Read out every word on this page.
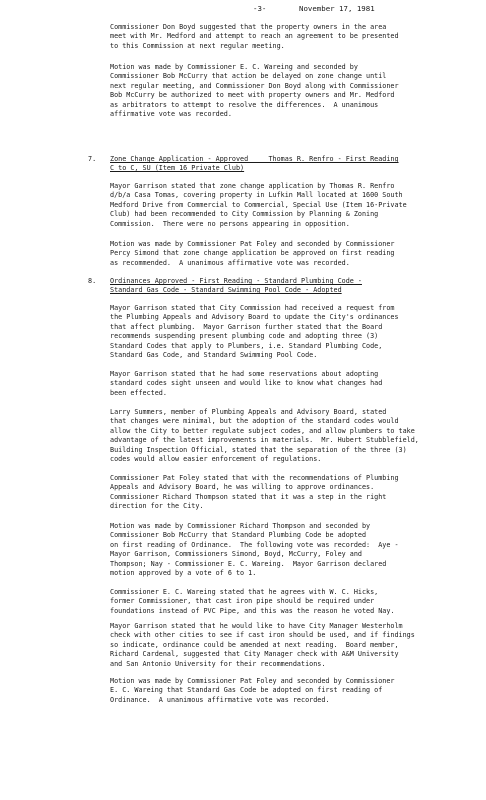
-3-	November 17, 1981

Commissioner Don Boyd suggested that the property owners in the area
meet with Mr. Medford and attempt to reach an agreement to be presented
to this Commission at next regular meeting.

Motion was made by Commissioner E. C. Wareing and seconded by
Commissioner Bob McCurry that action be delayed on zone change until
next regular meeting, and Commissioner Don Boyd along with Commissioner
Bob McCurry be authorized to meet with property owners and Mr. Medford
as arbitrators to attempt to resolve the differences.  A unanimous
affirmative vote was recorded.

7. Zone Change Application - Approved     Thomas R. Renfro - First Reading

C to C, SU (Item 16 Private Club)

Mayor Garrison stated that zone change application by Thomas R. Renfro
d/b/a Casa Tomas, covering property in Lufkin Mall located at 1600 South
Medford Drive from Commercial to Commercial, Special Use (Item 16-Private
Club) had been recommended to City Commission by Planning & Zoning
Commission.  There were no persons appearing in opposition.

Motion was made by Commissioner Pat Foley and seconded by Commissioner
Percy Simond that zone change application be approved on first reading
as recommended.  A unanimous affirmative vote was recorded.

8. Ordinances Approved - First Reading - Standard Plumbing Code -

Standard Gas Code - Standard Swimming Pool Code - Adopted

Mayor Garrison stated that City Commission had received a request from
the Plumbing Appeals and Advisory Board to update the City's ordinances
that affect plumbing.  Mayor Garrison further stated that the Board
recommends suspending present plumbing code and adopting three (3)
Standard Codes that apply to Plumbers, i.e. Standard Plumbing Code,
Standard Gas Code, and Standard Swimming Pool Code.

Mayor Garrison stated that he had some reservations about adopting
standard codes sight unseen and would like to know what changes had
been effected.

Larry Summers, member of Plumbing Appeals and Advisory Board, stated
that changes were minimal, but the adoption of the standard codes would
allow the City to better regulate subject codes, and allow plumbers to take
advantage of the latest improvements in materials.  Mr. Hubert Stubblefield,
Building Inspection Official, stated that the separation of the three (3)
codes would allow easier enforcement of regulations.

Commissioner Pat Foley stated that with the recommendations of Plumbing
Appeals and Advisory Board, he was willing to approve ordinances.
Commissioner Richard Thompson stated that it was a step in the right
direction for the City.

Motion was made by Commissioner Richard Thompson and seconded by
Commissioner Bob McCurry that Standard Plumbing Code be adopted
on first reading of Ordinance.  The following vote was recorded:  Aye -
Mayor Garrison, Commissioners Simond, Boyd, McCurry, Foley and
Thompson; Nay - Commissioner E. C. Wareing.  Mayor Garrison declared
motion approved by a vote of 6 to 1.

Commissioner E. C. Wareing stated that he agrees with W. C. Hicks,
former Commissioner, that cast iron pipe should be required under
foundations instead of PVC Pipe, and this was the reason he voted Nay.

Mayor Garrison stated that he would like to have City Manager Westerholm
check with other cities to see if cast iron should be used, and if findings
so indicate, ordinance could be amended at next reading.  Board member,
Richard Cardenal, suggested that City Manager check with A&M University
and San Antonio University for their recommendations.

Motion was made by Commissioner Pat Foley and seconded by Commissioner
E. C. Wareing that Standard Gas Code be adopted on first reading of
Ordinance.  A unanimous affirmative vote was recorded.
